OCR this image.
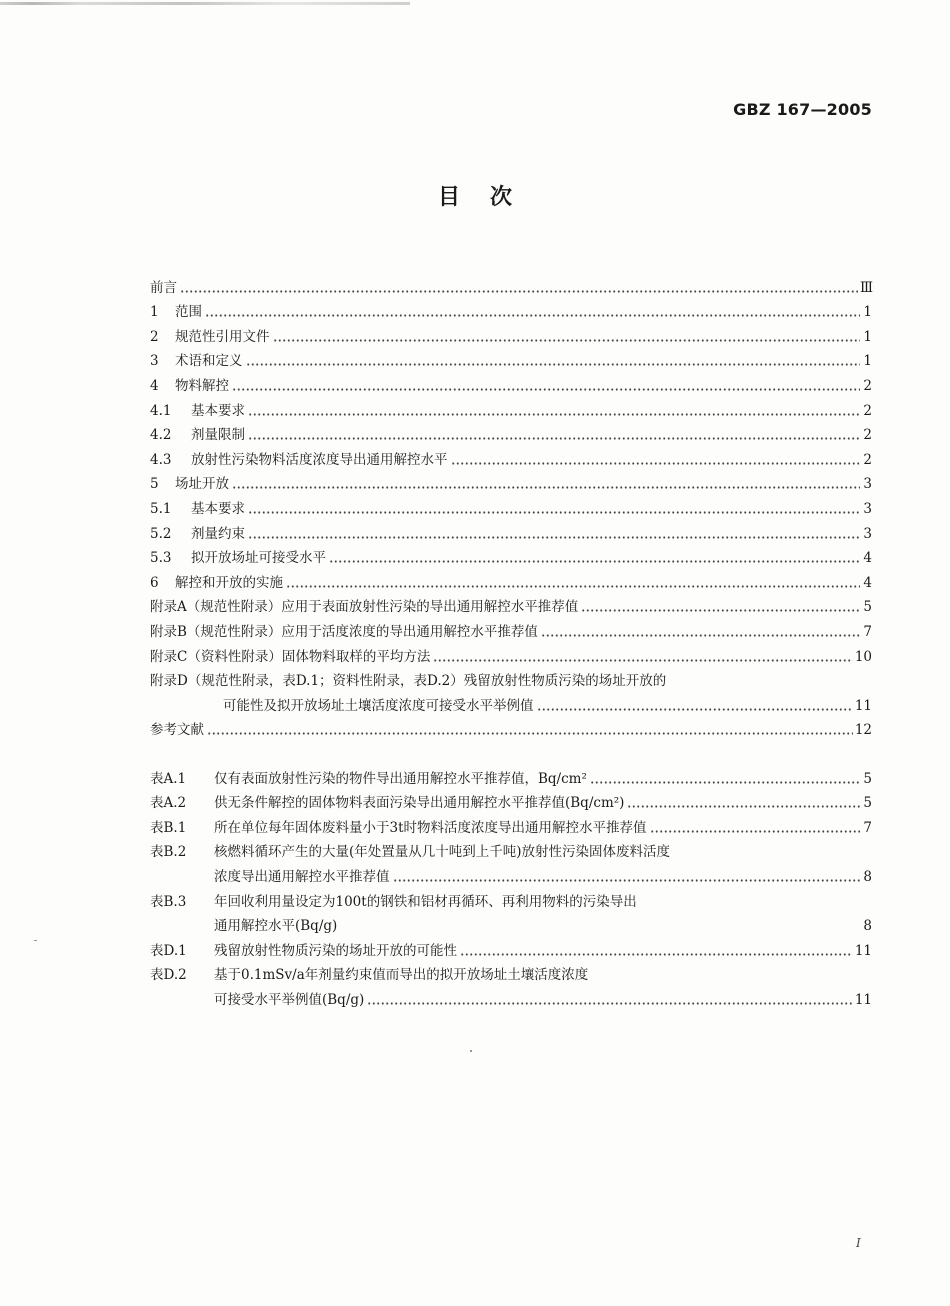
GBZ 167—2005
目次
前言	Ⅲ
1	范围	1
2	规范性引用文件	1
3	术语和定义	1
4	物料解控	2
4.1	基本要求	2
4.2	剂量限制	2
4.3	放射性污染物料活度浓度导出通用解控水平	2
5	场址开放	3
5.1	基本要求	3
5.2	剂量约束	3
5.3	拟开放场址可接受水平	4
6	解控和开放的实施	4
附录A（规范性附录）应用于表面放射性污染的导出通用解控水平推荐值	5
附录B（规范性附录）应用于活度浓度的导出通用解控水平推荐值	7
附录C（资料性附录）固体物料取样的平均方法	10
附录D（规范性附录，表D.1；资料性附录，表D.2）残留放射性物质污染的场址开放的
可能性及拟开放场址土壤活度浓度可接受水平举例值	11
参考文献	12
表A.1	仅有表面放射性污染的物件导出通用解控水平推荐值，Bq/cm²	5
表A.2	供无条件解控的固体物料表面污染导出通用解控水平推荐值(Bq/cm²)	5
表B.1	所在单位每年固体废料量小于3t时物料活度浓度导出通用解控水平推荐值	7
表B.2	核燃料循环产生的大量(年处置量从几十吨到上千吨)放射性污染固体废料活度
浓度导出通用解控水平推荐值	8
表B.3	年回收利用量设定为100t的钢铁和铝材再循环、再利用物料的污染导出
通用解控水平(Bq/g)	8
表D.1	残留放射性物质污染的场址开放的可能性	11
表D.2	基于0.1mSv/a年剂量约束值而导出的拟开放场址土壤活度浓度
可接受水平举例值(Bq/g)	11
I
